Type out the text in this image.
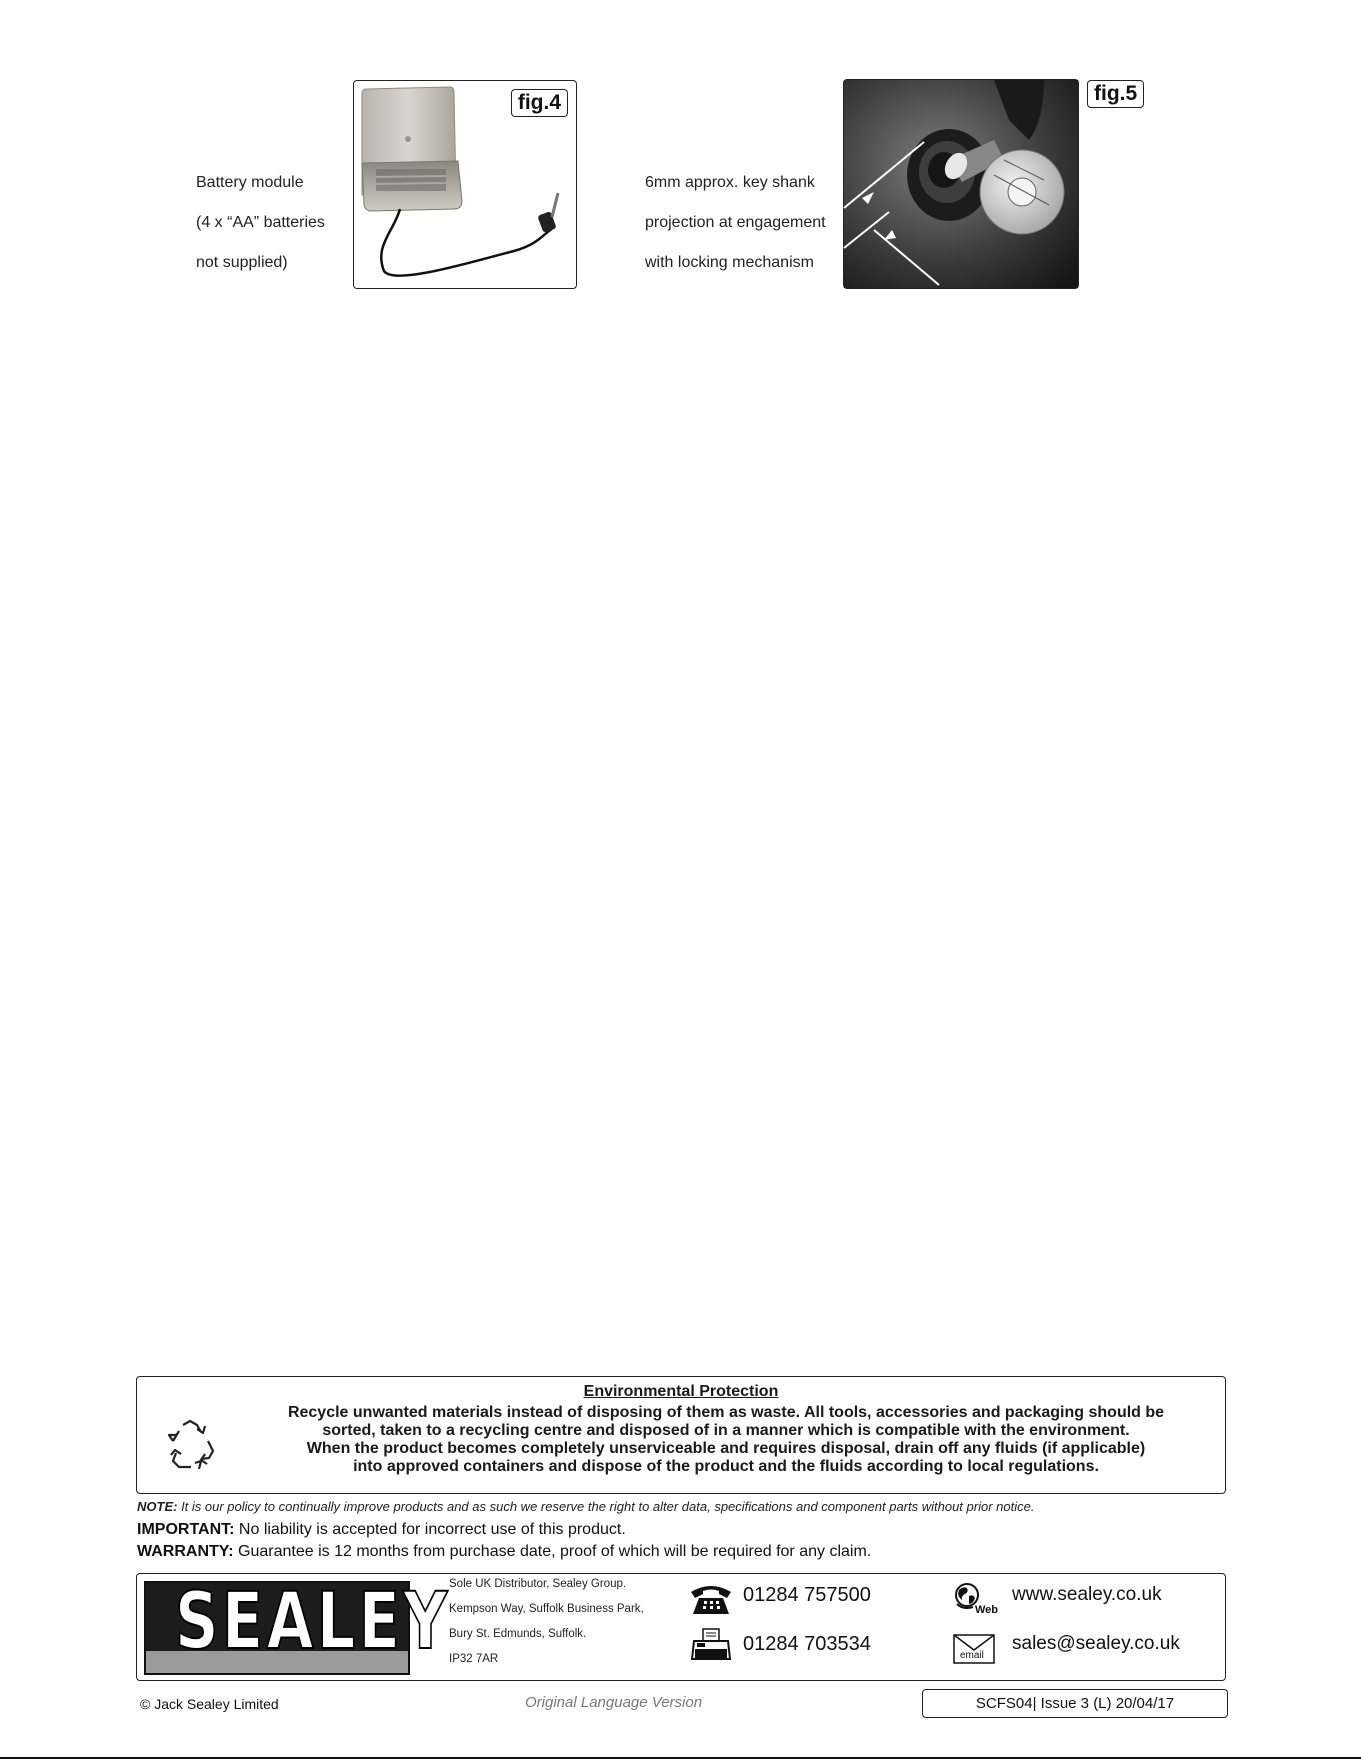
Battery module

(4 x “AA” batteries

not supplied)

fig.4

6mm approx. key shank

projection at engagement

with locking mechanism

fig.5
Environmental Protection
Recycle unwanted materials instead of disposing of them as waste. All tools, accessories and packaging should be
sorted, taken to a recycling centre and disposed of in a manner which is compatible with the environment.
When the product becomes completely unserviceable and requires disposal, drain off any fluids (if applicable)
into approved containers and dispose of the product and the fluids according to local regulations.
NOTE: It is our policy to continually improve products and as such we reserve the right to alter data, specifications and component parts without prior notice.
IMPORTANT: No liability is accepted for incorrect use of this product.
WARRANTY: Guarantee is 12 months from purchase date, proof of which will be required for any claim.
SEALEY
Sole UK Distributor, Sealey Group.
Kempson Way, Suffolk Business Park,
Bury St. Edmunds, Suffolk.
IP32 7AR
01284 757500
01284 703534
Web
www.sealey.co.uk
email
sales@sealey.co.uk
© Jack Sealey Limited	Original Language Version	SCFS04| Issue 3 (L) 20/04/17
